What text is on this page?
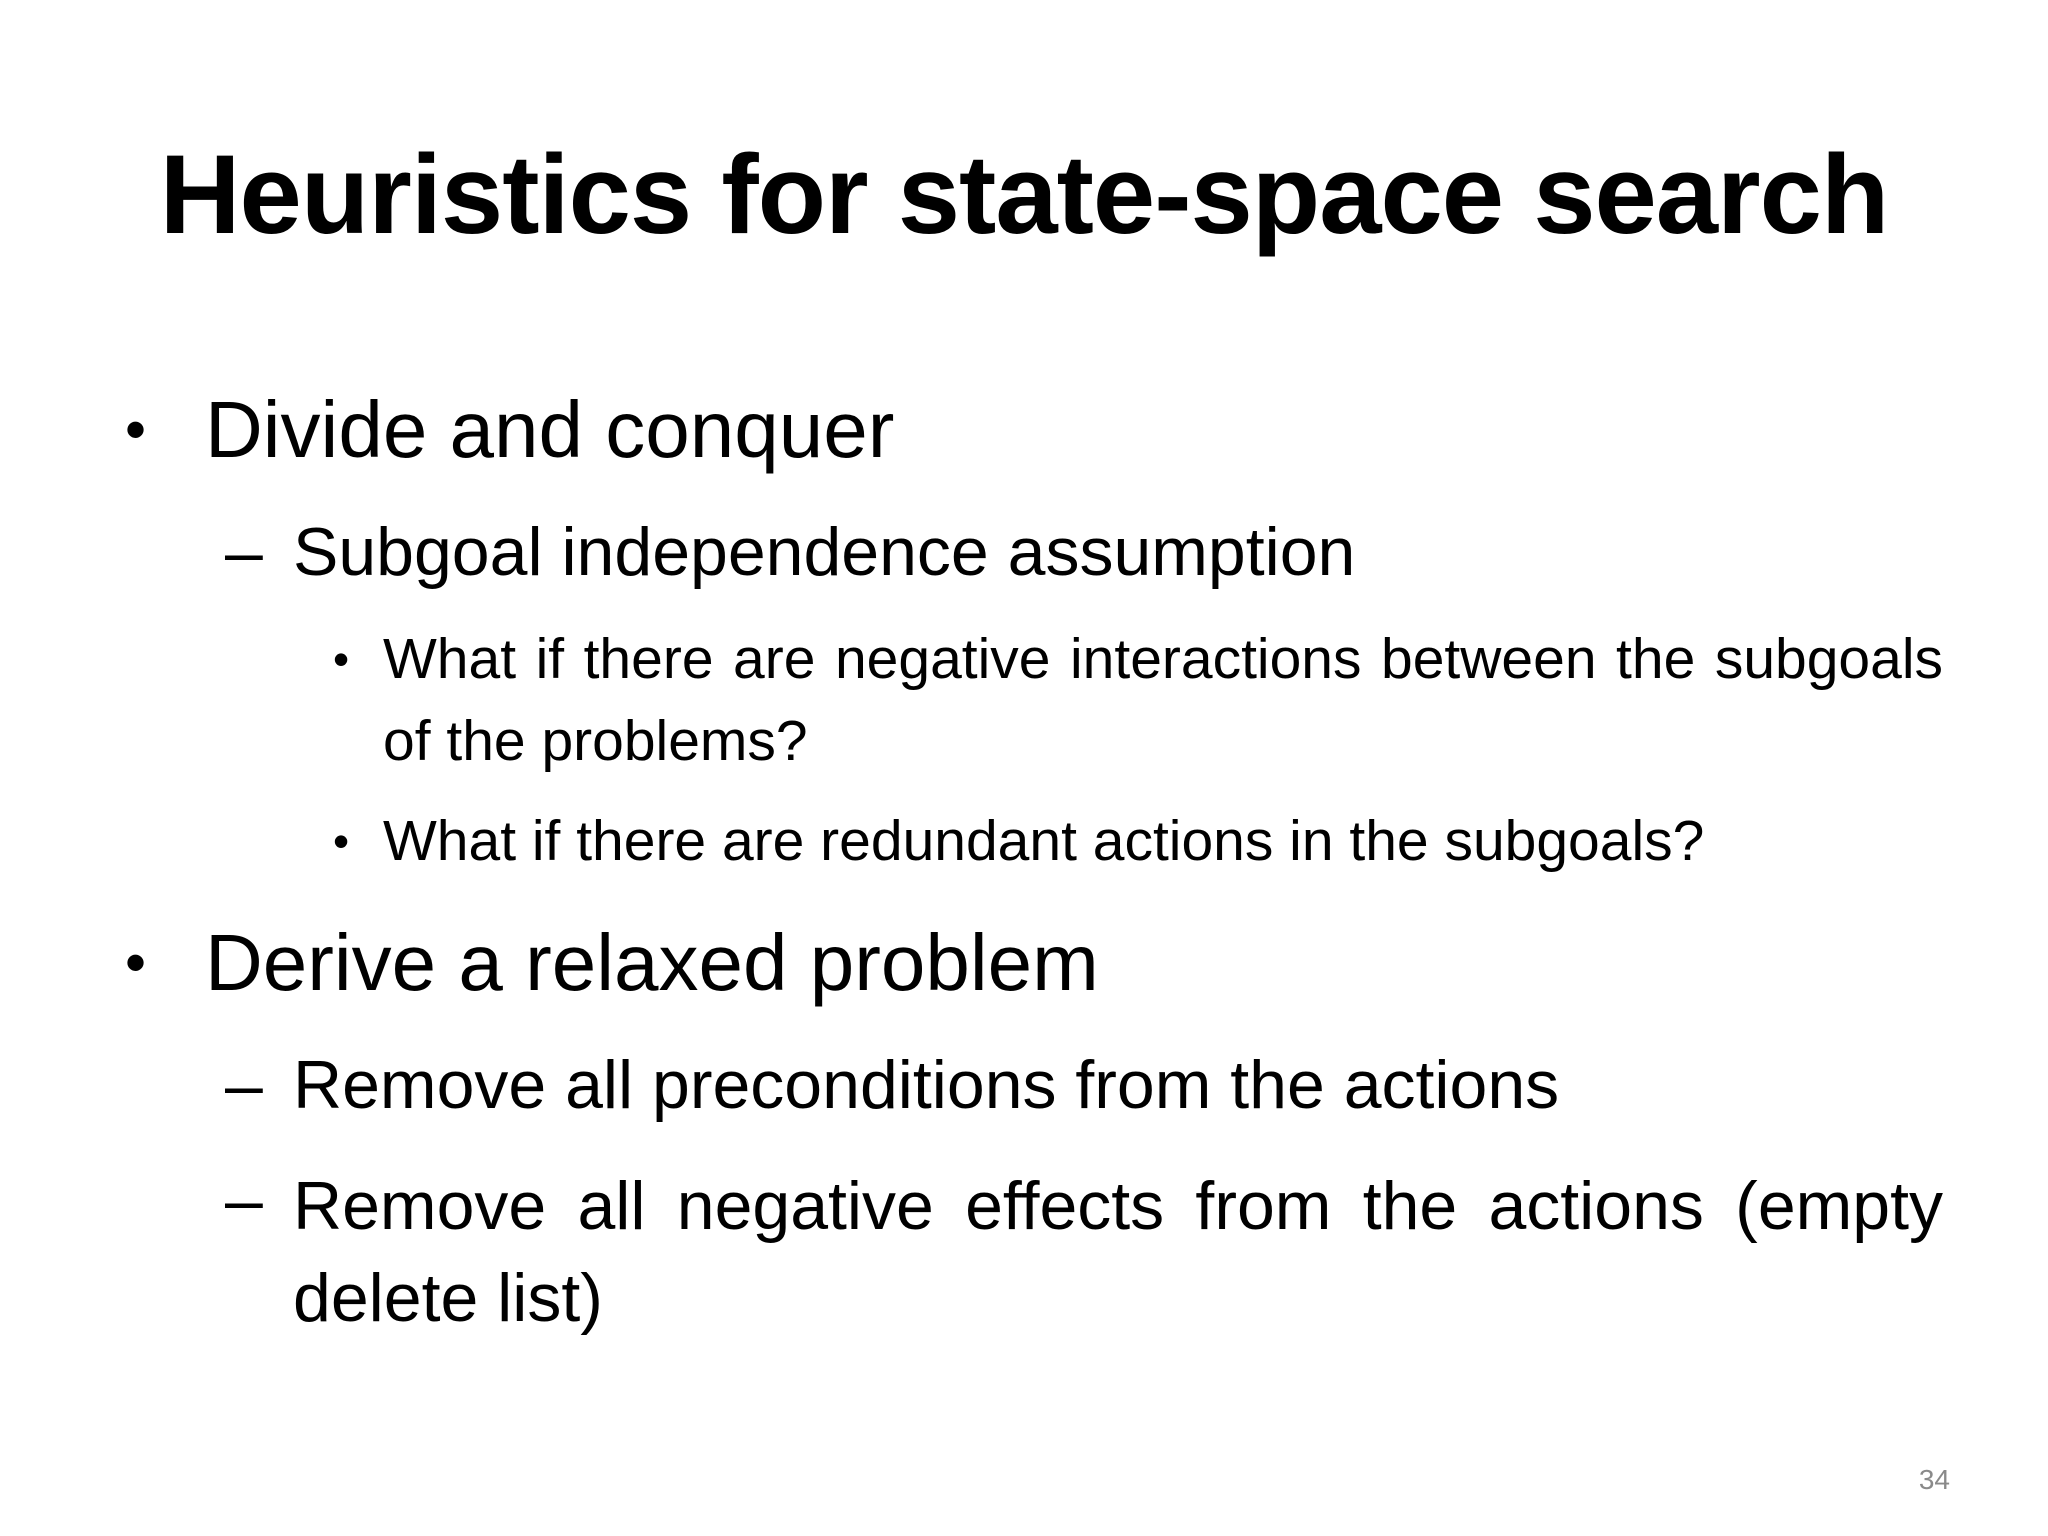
Heuristics for state-space search
• Divide and conquer
– Subgoal independence assumption
• What if there are negative interactions between the subgoals of the problems?
• What if there are redundant actions in the subgoals?
• Derive a relaxed problem
– Remove all preconditions from the actions
– Remove all negative effects from the actions (empty delete list)
34
